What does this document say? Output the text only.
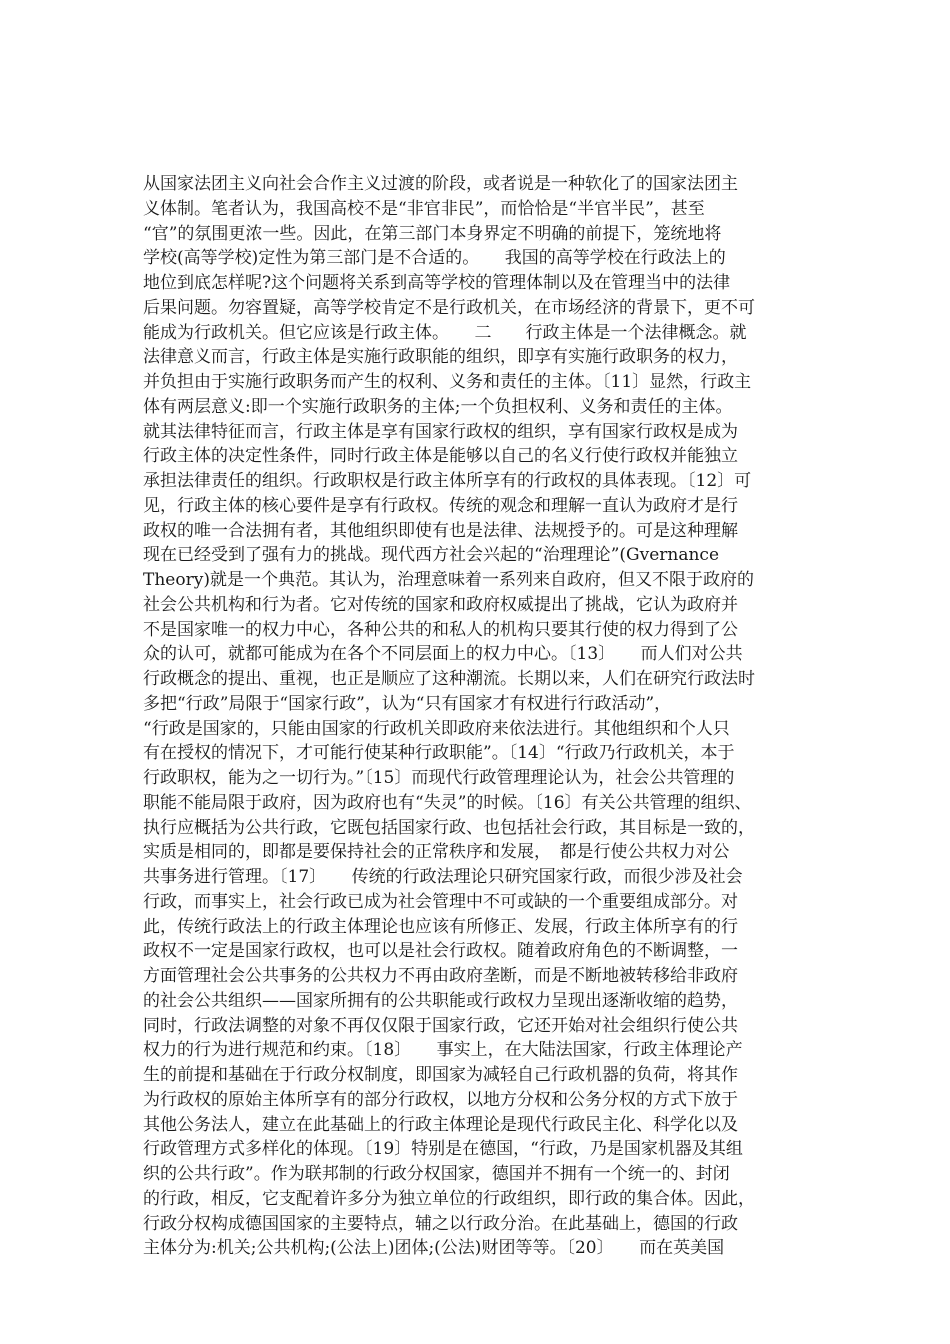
从国家法团主义向社会合作主义过渡的阶段，或者说是一种软化了的国家法团主
义体制。笔者认为，我国高校不是“非官非民”，而恰恰是“半官半民”，甚至
“官”的氛围更浓一些。因此，在第三部门本身界定不明确的前提下，笼统地将
学校(高等学校)定性为第三部门是不合适的。　　我国的高等学校在行政法上的
地位到底怎样呢?这个问题将关系到高等学校的管理体制以及在管理当中的法律
后果问题。勿容置疑，高等学校肯定不是行政机关，在市场经济的背景下，更不可
能成为行政机关。但它应该是行政主体。　　二　　行政主体是一个法律概念。就
法律意义而言，行政主体是实施行政职能的组织，即享有实施行政职务的权力，
并负担由于实施行政职务而产生的权利、义务和责任的主体。〔11〕显然，行政主
体有两层意义:即一个实施行政职务的主体;一个负担权利、义务和责任的主体。
就其法律特征而言，行政主体是享有国家行政权的组织，享有国家行政权是成为
行政主体的决定性条件，同时行政主体是能够以自己的名义行使行政权并能独立
承担法律责任的组织。行政职权是行政主体所享有的行政权的具体表现。〔12〕可
见，行政主体的核心要件是享有行政权。传统的观念和理解一直认为政府才是行
政权的唯一合法拥有者，其他组织即使有也是法律、法规授予的。可是这种理解
现在已经受到了强有力的挑战。现代西方社会兴起的“治理理论”(Gvernance
Theory)就是一个典范。其认为，治理意味着一系列来自政府，但又不限于政府的
社会公共机构和行为者。它对传统的国家和政府权威提出了挑战，它认为政府并
不是国家唯一的权力中心，各种公共的和私人的机构只要其行使的权力得到了公
众的认可，就都可能成为在各个不同层面上的权力中心。〔13〕　　而人们对公共
行政概念的提出、重视，也正是顺应了这种潮流。长期以来，人们在研究行政法时
多把“行政”局限于“国家行政”，认为“只有国家才有权进行行政活动”，
“行政是国家的，只能由国家的行政机关即政府来依法进行。其他组织和个人只
有在授权的情况下，才可能行使某种行政职能”。〔14〕“行政乃行政机关，本于
行政职权，能为之一切行为。”〔15〕而现代行政管理理论认为，社会公共管理的
职能不能局限于政府，因为政府也有“失灵”的时候。〔16〕有关公共管理的组织、
执行应概括为公共行政，它既包括国家行政、也包括社会行政，其目标是一致的，
实质是相同的，即都是要保持社会的正常秩序和发展，　都是行使公共权力对公
共事务进行管理。〔17〕　　传统的行政法理论只研究国家行政，而很少涉及社会
行政，而事实上，社会行政已成为社会管理中不可或缺的一个重要组成部分。对
此，传统行政法上的行政主体理论也应该有所修正、发展，行政主体所享有的行
政权不一定是国家行政权，也可以是社会行政权。随着政府角色的不断调整，一
方面管理社会公共事务的公共权力不再由政府垄断，而是不断地被转移给非政府
的社会公共组织——国家所拥有的公共职能或行政权力呈现出逐渐收缩的趋势，
同时，行政法调整的对象不再仅仅限于国家行政，它还开始对社会组织行使公共
权力的行为进行规范和约束。〔18〕　　事实上，在大陆法国家，行政主体理论产
生的前提和基础在于行政分权制度，即国家为减轻自己行政机器的负荷，将其作
为行政权的原始主体所享有的部分行政权，以地方分权和公务分权的方式下放于
其他公务法人，建立在此基础上的行政主体理论是现代行政民主化、科学化以及
行政管理方式多样化的体现。〔19〕特别是在德国，“行政，乃是国家机器及其组
织的公共行政”。作为联邦制的行政分权国家，德国并不拥有一个统一的、封闭
的行政，相反，它支配着许多分为独立单位的行政组织，即行政的集合体。因此，
行政分权构成德国国家的主要特点，辅之以行政分治。在此基础上，德国的行政
主体分为:机关;公共机构;(公法上)团体;(公法)财团等等。〔20〕　　而在英美国
